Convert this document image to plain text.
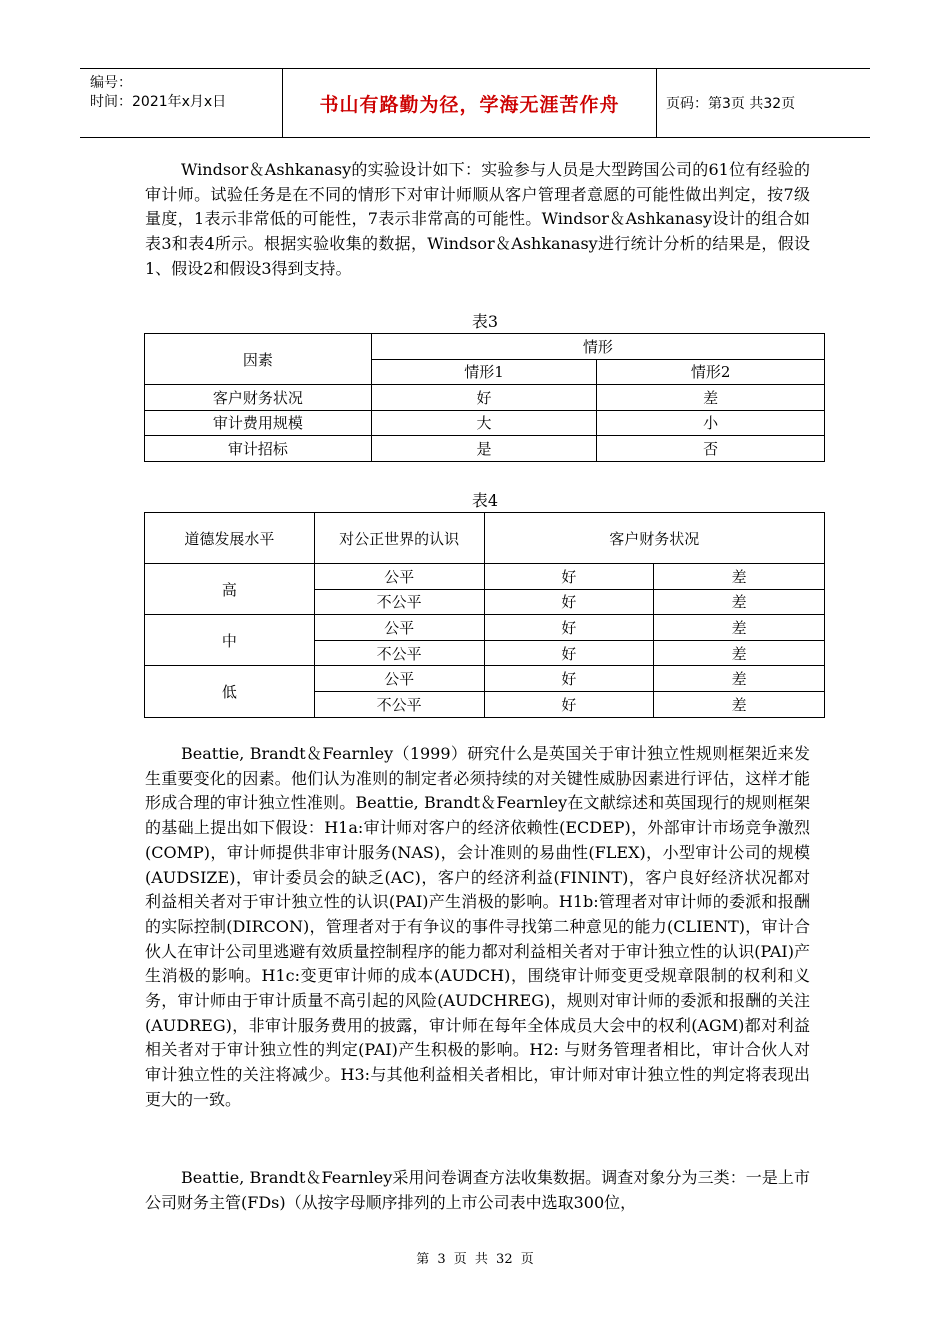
编号：
时间：2021年x月x日	书山有路勤为径，学海无涯苦作舟	页码：第3页 共32页
Windsor＆Ashkanasy的实验设计如下：实验参与人员是大型跨国公司的61位有经验的审计师。试验任务是在不同的情形下对审计师顺从客户管理者意愿的可能性做出判定，按7级量度，1表示非常低的可能性，7表示非常高的可能性。Windsor＆Ashkanasy设计的组合如表3和表4所示。根据实验收集的数据，Windsor＆Ashkanasy进行统计分析的结果是，假设1、假设2和假设3得到支持。
表3
因素	情形	
	情形1	情形2
客户财务状况	好	差
审计费用规模	大	小
审计招标	是	否
表4
道德发展水平	对公正世界的认识	客户财务状况	
高	公平	好	差
	不公平	好	差
中	公平	好	差
	不公平	好	差
低	公平	好	差
	不公平	好	差
Beattie, Brandt＆Fearnley（1999）研究什么是英国关于审计独立性规则框架近来发生重要变化的因素。他们认为准则的制定者必须持续的对关键性威胁因素进行评估，这样才能形成合理的审计独立性准则。Beattie, Brandt＆Fearnley在文献综述和英国现行的规则框架的基础上提出如下假设：H1a:审计师对客户的经济依赖性(ECDEP)，外部审计市场竞争激烈(COMP)，审计师提供非审计服务(NAS)，会计准则的易曲性(FLEX)，小型审计公司的规模(AUDSIZE)，审计委员会的缺乏(AC)，客户的经济利益(FININT)，客户良好经济状况都对利益相关者对于审计独立性的认识(PAI)产生消极的影响。H1b:管理者对审计师的委派和报酬的实际控制(DIRCON)，管理者对于有争议的事件寻找第二种意见的能力(CLIENT)，审计合伙人在审计公司里逃避有效质量控制程序的能力都对利益相关者对于审计独立性的认识(PAI)产生消极的影响。H1c:变更审计师的成本(AUDCH)，围绕审计师变更受规章限制的权利和义务，审计师由于审计质量不高引起的风险(AUDCHREG)，规则对审计师的委派和报酬的关注(AUDREG)，非审计服务费用的披露，审计师在每年全体成员大会中的权利(AGM)都对利益相关者对于审计独立性的判定(PAI)产生积极的影响。H2: 与财务管理者相比，审计合伙人对审计独立性的关注将减少。H3:与其他利益相关者相比，审计师对审计独立性的判定将表现出更大的一致。
Beattie, Brandt＆Fearnley采用问卷调查方法收集数据。调查对象分为三类：一是上市公司财务主管(FDs)（从按字母顺序排列的上市公司表中选取300位，
第 3 页 共 32 页
